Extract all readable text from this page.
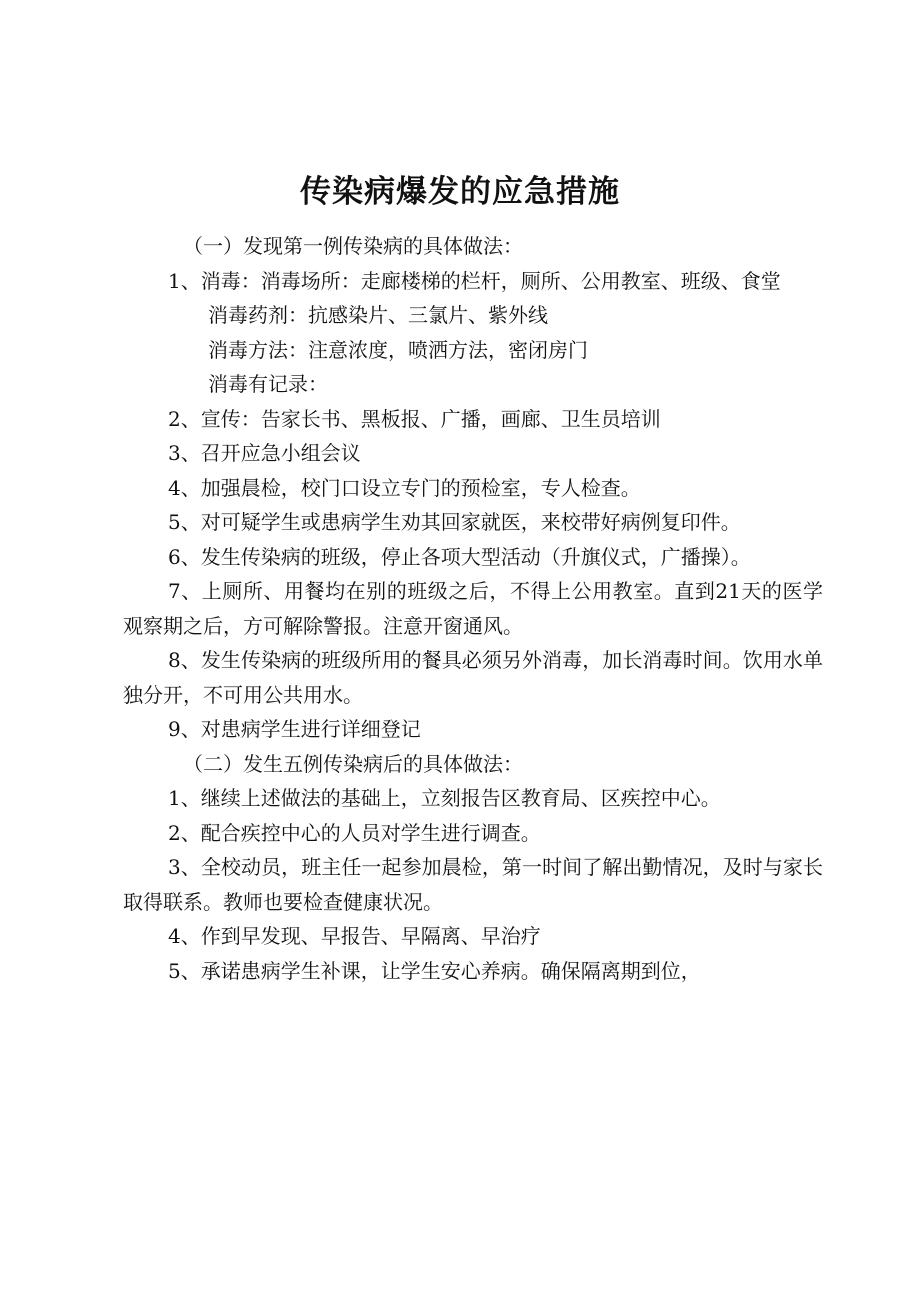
传染病爆发的应急措施

（一）发现第一例传染病的具体做法：

1、消毒：消毒场所：走廊楼梯的栏杆，厕所、公用教室、班级、食堂

消毒药剂：抗感染片、三氯片、紫外线

消毒方法：注意浓度，喷洒方法，密闭房门

消毒有记录：

2、宣传：告家长书、黑板报、广播，画廊、卫生员培训

3、召开应急小组会议

4、加强晨检，校门口设立专门的预检室，专人检查。

5、对可疑学生或患病学生劝其回家就医，来校带好病例复印件。

6、发生传染病的班级，停止各项大型活动（升旗仪式，广播操）。

7、上厕所、用餐均在别的班级之后，不得上公用教室。直到21天的医学观察期之后，方可解除警报。注意开窗通风。

8、发生传染病的班级所用的餐具必须另外消毒，加长消毒时间。饮用水单独分开，不可用公共用水。

9、对患病学生进行详细登记

（二）发生五例传染病后的具体做法：

1、继续上述做法的基础上，立刻报告区教育局、区疾控中心。

2、配合疾控中心的人员对学生进行调查。

3、全校动员，班主任一起参加晨检，第一时间了解出勤情况，及时与家长取得联系。教师也要检查健康状况。

4、作到早发现、早报告、早隔离、早治疗

5、承诺患病学生补课，让学生安心养病。确保隔离期到位，
